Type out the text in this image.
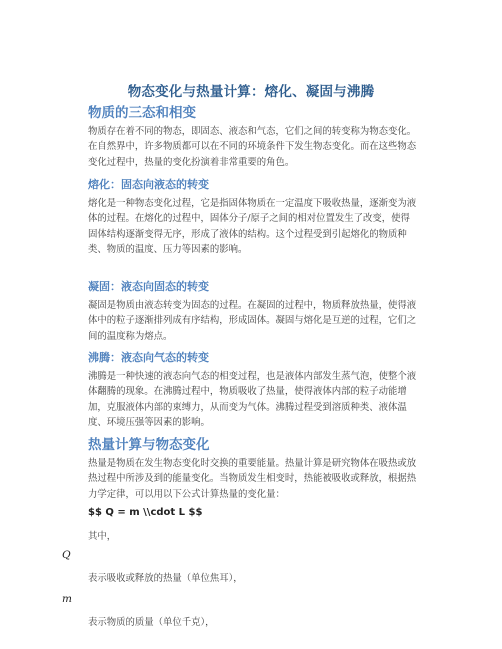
物态变化与热量计算：熔化、凝固与沸腾
物质的三态和相变
物质存在着不同的物态，即固态、液态和气态，它们之间的转变称为物态变化。在自然界中，许多物质都可以在不同的环境条件下发生物态变化。而在这些物态变化过程中，热量的变化扮演着非常重要的角色。
熔化：固态向液态的转变
熔化是一种物态变化过程，它是指固体物质在一定温度下吸收热量，逐渐变为液体的过程。在熔化的过程中，固体分子/原子之间的相对位置发生了改变，使得固体结构逐渐变得无序，形成了液体的结构。这个过程受到引起熔化的物质种类、物质的温度、压力等因素的影响。
凝固：液态向固态的转变
凝固是物质由液态转变为固态的过程。在凝固的过程中，物质释放热量，使得液体中的粒子逐渐排列成有序结构，形成固体。凝固与熔化是互逆的过程，它们之间的温度称为熔点。
沸腾：液态向气态的转变
沸腾是一种快速的液态向气态的相变过程，也是液体内部发生蒸气泡，使整个液体翻腾的现象。在沸腾过程中，物质吸收了热量，使得液体内部的粒子动能增加，克服液体内部的束缚力，从而变为气体。沸腾过程受到溶质种类、液体温度、环境压强等因素的影响。
热量计算与物态变化
热量是物质在发生物态变化时交换的重要能量。热量计算是研究物体在吸热或放热过程中所涉及到的能量变化。当物质发生相变时，热能被吸收或释放，根据热力学定律，可以用以下公式计算热量的变化量：
$$ Q = m \\cdot L $$
其中，
Q
表示吸收或释放的热量（单位焦耳），
m
表示物质的质量（单位千克），
